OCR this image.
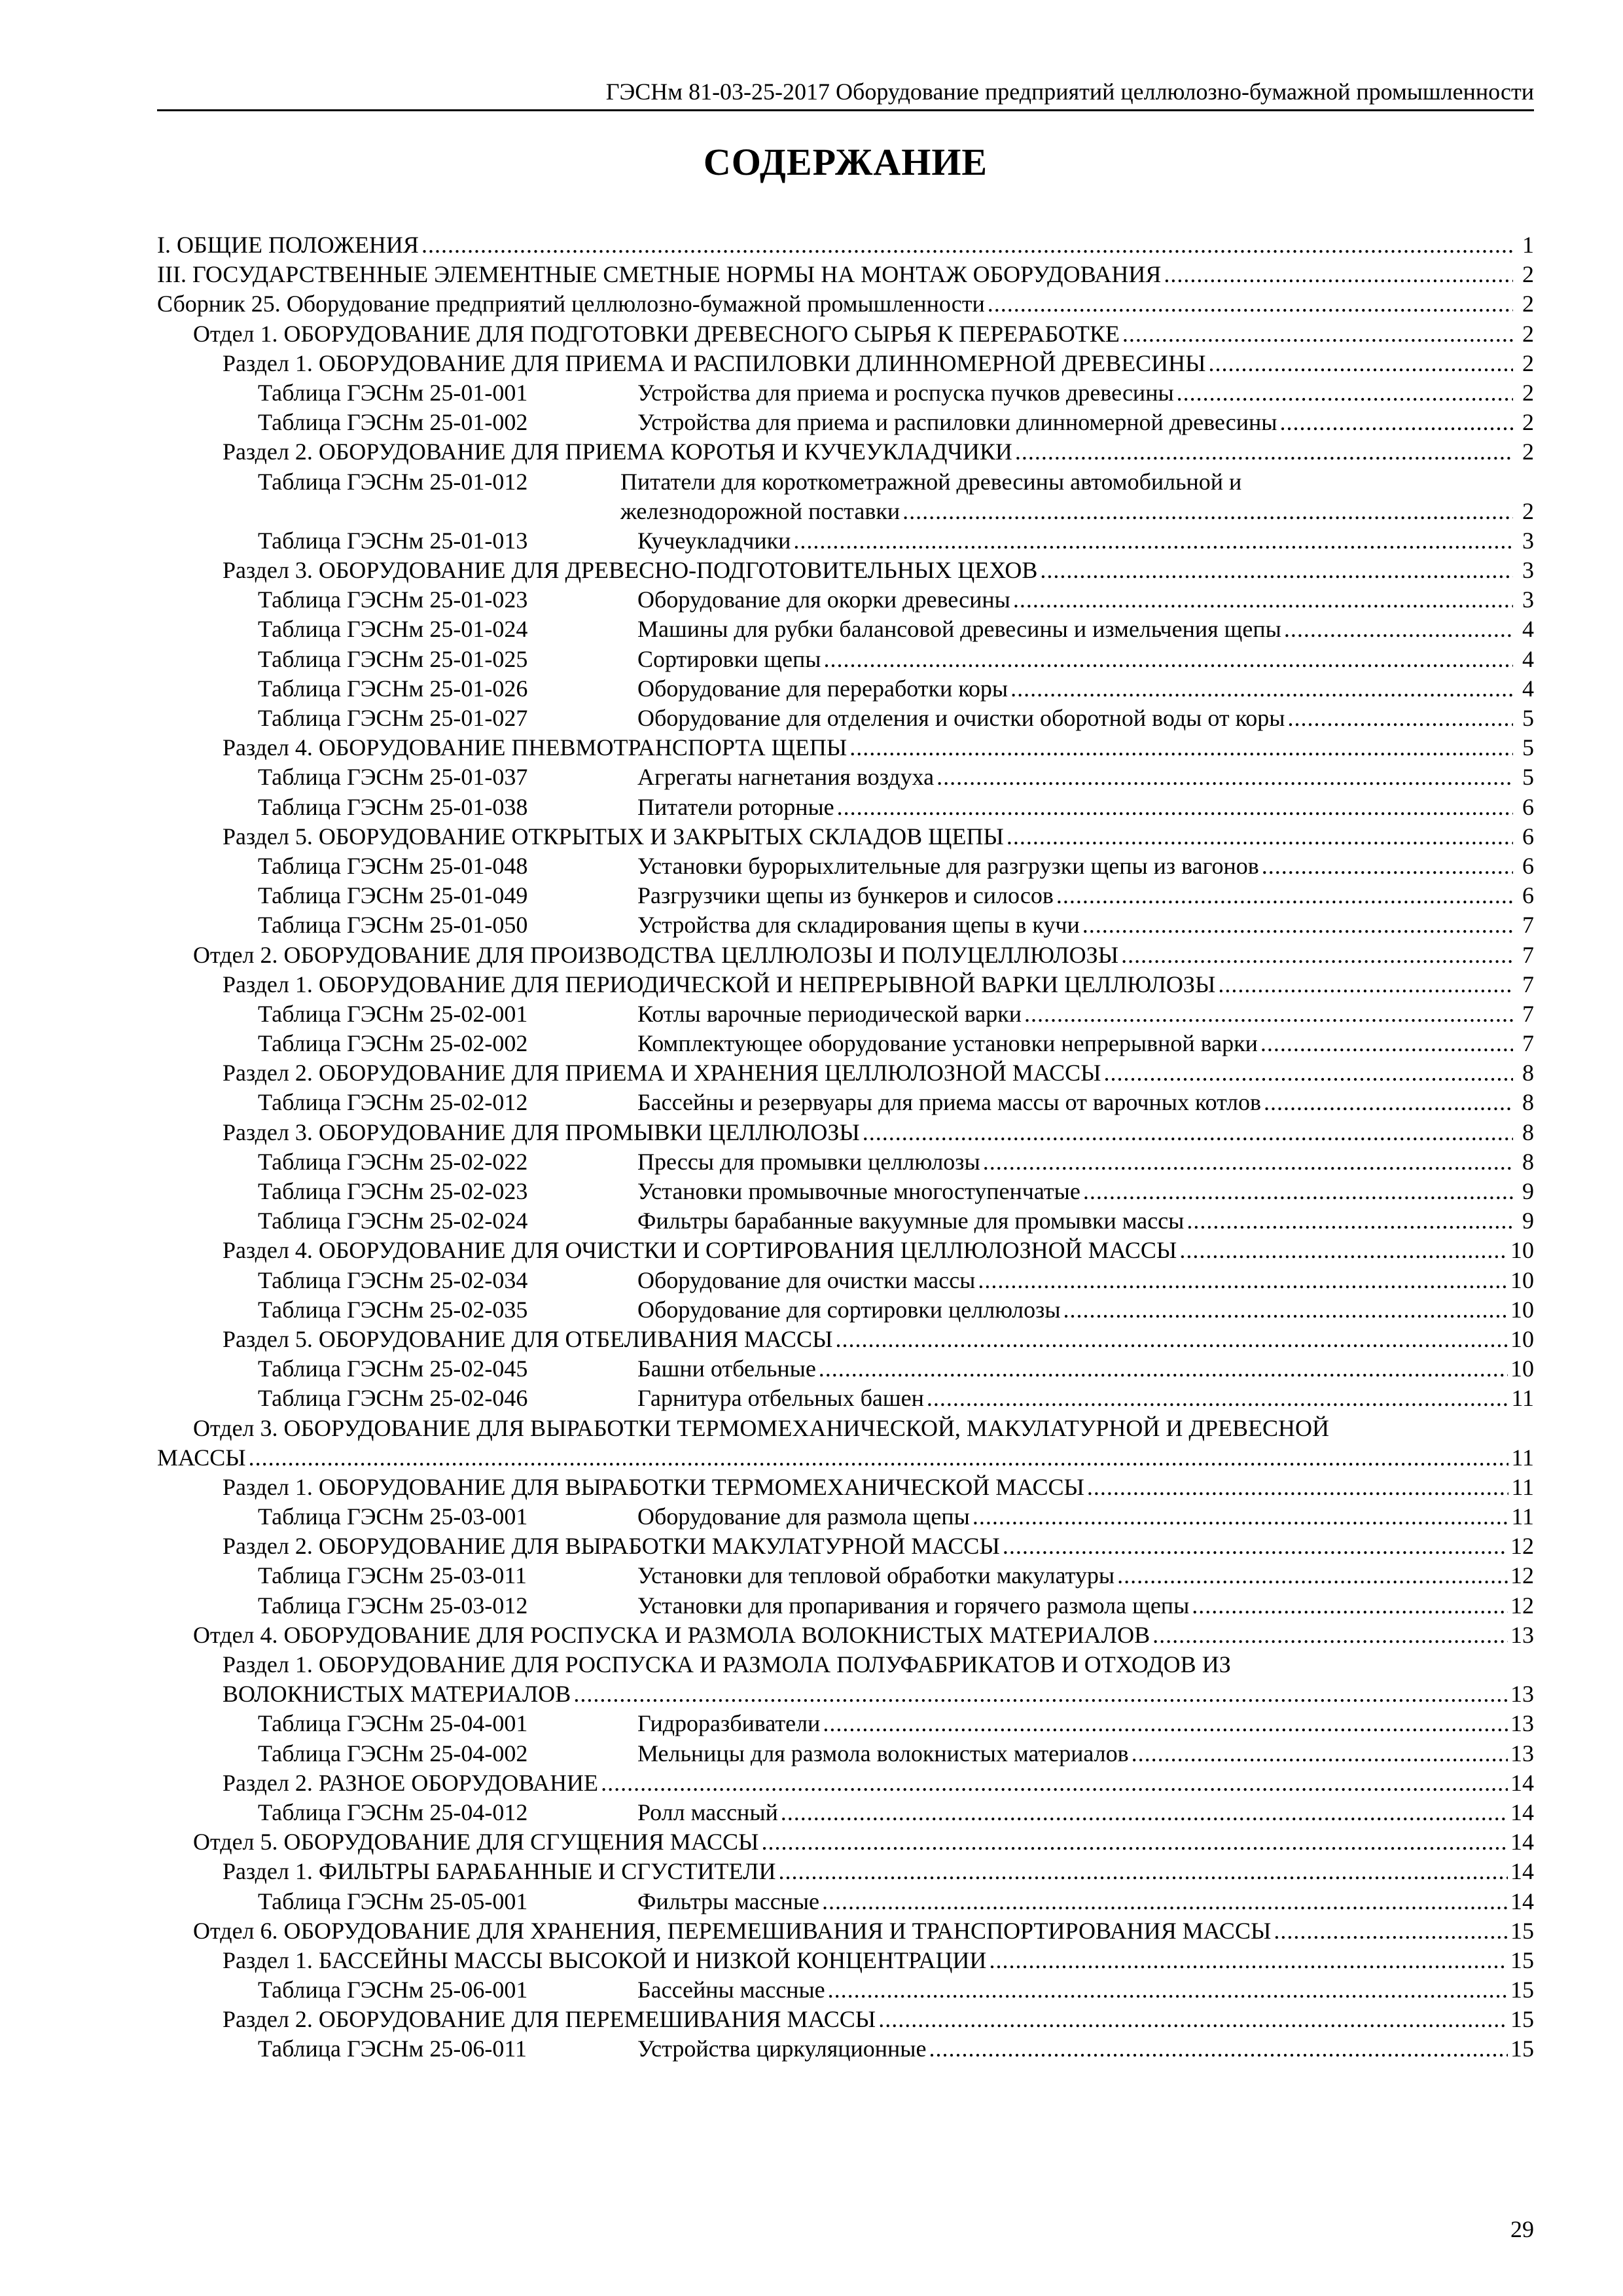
ГЭСНм 81-03-25-2017 Оборудование предприятий целлюлозно-бумажной промышленности
СОДЕРЖАНИЕ
I. ОБЩИЕ ПОЛОЖЕНИЯ .....	1
III. ГОСУДАРСТВЕННЫЕ ЭЛЕМЕНТНЫЕ СМЕТНЫЕ НОРМЫ НА МОНТАЖ ОБОРУДОВАНИЯ .....	2
Сборник 25. Оборудование предприятий целлюлозно-бумажной промышленности .....	2
Отдел 1. ОБОРУДОВАНИЕ ДЛЯ ПОДГОТОВКИ ДРЕВЕСНОГО СЫРЬЯ К ПЕРЕРАБОТКЕ .....	2
Раздел 1. ОБОРУДОВАНИЕ ДЛЯ ПРИЕМА И РАСПИЛОВКИ ДЛИННОМЕРНОЙ ДРЕВЕСИНЫ .....	2
Таблица ГЭСНм 25-01-001	Устройства для приема и роспуска пучков древесины .....	2
Таблица ГЭСНм 25-01-002	Устройства для приема и распиловки длинномерной древесины .....	2
Раздел 2. ОБОРУДОВАНИЕ ДЛЯ ПРИЕМА КОРОТЬЯ И КУЧЕУКЛАДЧИКИ .....	2
Таблица ГЭСНм 25-01-012	Питатели для короткометражной древесины автомобильной и
железнодорожной поставки .....	2
Таблица ГЭСНм 25-01-013	Кучеукладчики .....	3
Раздел 3. ОБОРУДОВАНИЕ ДЛЯ ДРЕВЕСНО-ПОДГОТОВИТЕЛЬНЫХ ЦЕХОВ .....	3
Таблица ГЭСНм 25-01-023	Оборудование для окорки древесины .....	3
Таблица ГЭСНм 25-01-024	Машины для рубки балансовой древесины и измельчения щепы .....	4
Таблица ГЭСНм 25-01-025	Сортировки щепы .....	4
Таблица ГЭСНм 25-01-026	Оборудование для переработки коры .....	4
Таблица ГЭСНм 25-01-027	Оборудование для отделения и очистки оборотной воды от коры .....	5
Раздел 4. ОБОРУДОВАНИЕ ПНЕВМОТРАНСПОРТА ЩЕПЫ .....	5
Таблица ГЭСНм 25-01-037	Агрегаты нагнетания воздуха .....	5
Таблица ГЭСНм 25-01-038	Питатели роторные .....	6
Раздел 5. ОБОРУДОВАНИЕ ОТКРЫТЫХ И ЗАКРЫТЫХ СКЛАДОВ ЩЕПЫ .....	6
Таблица ГЭСНм 25-01-048	Установки бурорыхлительные для разгрузки щепы из вагонов .....	6
Таблица ГЭСНм 25-01-049	Разгрузчики щепы из бункеров и силосов .....	6
Таблица ГЭСНм 25-01-050	Устройства для складирования щепы в кучи .....	7
Отдел 2. ОБОРУДОВАНИЕ ДЛЯ ПРОИЗВОДСТВА ЦЕЛЛЮЛОЗЫ И ПОЛУЦЕЛЛЮЛОЗЫ .....	7
Раздел 1. ОБОРУДОВАНИЕ ДЛЯ ПЕРИОДИЧЕСКОЙ И НЕПРЕРЫВНОЙ ВАРКИ ЦЕЛЛЮЛОЗЫ .....	7
Таблица ГЭСНм 25-02-001	Котлы варочные периодической варки .....	7
Таблица ГЭСНм 25-02-002	Комплектующее оборудование установки непрерывной варки .....	7
Раздел 2. ОБОРУДОВАНИЕ ДЛЯ ПРИЕМА И ХРАНЕНИЯ ЦЕЛЛЮЛОЗНОЙ МАССЫ .....	8
Таблица ГЭСНм 25-02-012	Бассейны и резервуары для приема массы от варочных котлов .....	8
Раздел 3. ОБОРУДОВАНИЕ ДЛЯ ПРОМЫВКИ ЦЕЛЛЮЛОЗЫ .....	8
Таблица ГЭСНм 25-02-022	Прессы для промывки целлюлозы .....	8
Таблица ГЭСНм 25-02-023	Установки промывочные многоступенчатые .....	9
Таблица ГЭСНм 25-02-024	Фильтры барабанные вакуумные для промывки массы .....	9
Раздел 4. ОБОРУДОВАНИЕ ДЛЯ ОЧИСТКИ И СОРТИРОВАНИЯ ЦЕЛЛЮЛОЗНОЙ МАССЫ .....	10
Таблица ГЭСНм 25-02-034	Оборудование для очистки массы .....	10
Таблица ГЭСНм 25-02-035	Оборудование для сортировки целлюлозы .....	10
Раздел 5. ОБОРУДОВАНИЕ ДЛЯ ОТБЕЛИВАНИЯ МАССЫ .....	10
Таблица ГЭСНм 25-02-045	Башни отбельные .....	10
Таблица ГЭСНм 25-02-046	Гарнитура отбельных башен .....	11
Отдел 3. ОБОРУДОВАНИЕ ДЛЯ ВЫРАБОТКИ ТЕРМОМЕХАНИЧЕСКОЙ, МАКУЛАТУРНОЙ И ДРЕВЕСНОЙ
МАССЫ .....	11
Раздел 1. ОБОРУДОВАНИЕ ДЛЯ ВЫРАБОТКИ ТЕРМОМЕХАНИЧЕСКОЙ МАССЫ .....	11
Таблица ГЭСНм 25-03-001	Оборудование для размола щепы .....	11
Раздел 2. ОБОРУДОВАНИЕ ДЛЯ ВЫРАБОТКИ МАКУЛАТУРНОЙ МАССЫ .....	12
Таблица ГЭСНм 25-03-011	Установки для тепловой обработки макулатуры .....	12
Таблица ГЭСНм 25-03-012	Установки для пропаривания и горячего размола щепы .....	12
Отдел 4. ОБОРУДОВАНИЕ ДЛЯ РОСПУСКА И РАЗМОЛА ВОЛОКНИСТЫХ МАТЕРИАЛОВ .....	13
Раздел 1. ОБОРУДОВАНИЕ ДЛЯ РОСПУСКА И РАЗМОЛА ПОЛУФАБРИКАТОВ И ОТХОДОВ ИЗ
ВОЛОКНИСТЫХ МАТЕРИАЛОВ .....	13
Таблица ГЭСНм 25-04-001	Гидроразбиватели .....	13
Таблица ГЭСНм 25-04-002	Мельницы для размола волокнистых материалов .....	13
Раздел 2. РАЗНОЕ ОБОРУДОВАНИЕ .....	14
Таблица ГЭСНм 25-04-012	Ролл массный .....	14
Отдел 5. ОБОРУДОВАНИЕ ДЛЯ СГУЩЕНИЯ МАССЫ .....	14
Раздел 1. ФИЛЬТРЫ БАРАБАННЫЕ И СГУСТИТЕЛИ .....	14
Таблица ГЭСНм 25-05-001	Фильтры массные .....	14
Отдел 6. ОБОРУДОВАНИЕ ДЛЯ ХРАНЕНИЯ, ПЕРЕМЕШИВАНИЯ И ТРАНСПОРТИРОВАНИЯ МАССЫ .....	15
Раздел 1. БАССЕЙНЫ МАССЫ ВЫСОКОЙ И НИЗКОЙ КОНЦЕНТРАЦИИ .....	15
Таблица ГЭСНм 25-06-001	Бассейны массные .....	15
Раздел 2. ОБОРУДОВАНИЕ ДЛЯ ПЕРЕМЕШИВАНИЯ МАССЫ .....	15
Таблица ГЭСНм 25-06-011	Устройства циркуляционные .....	15
29
